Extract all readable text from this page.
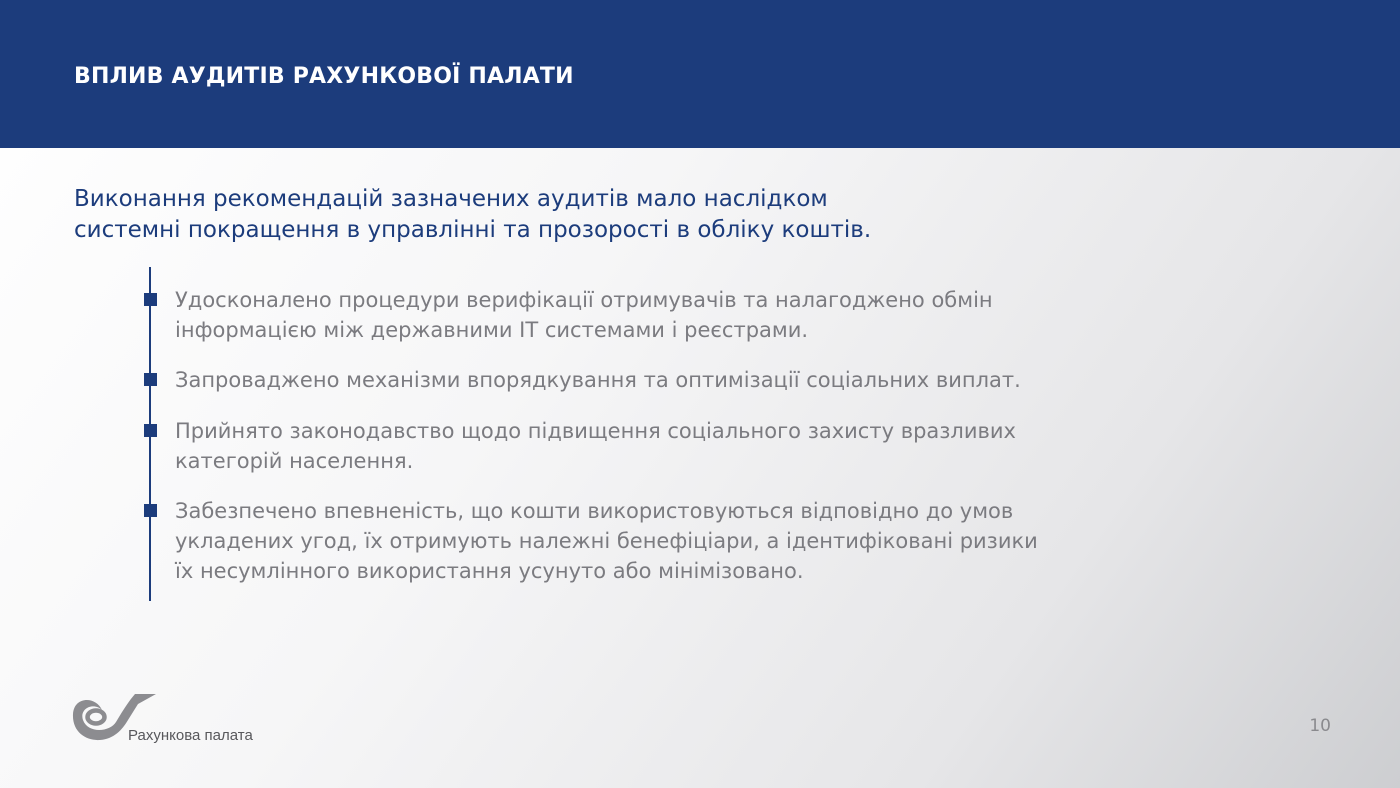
ВПЛИВ АУДИТІВ РАХУНКОВОЇ ПАЛАТИ

Виконання рекомендацій зазначених аудитів мало наслідком
системні покращення в управлінні та прозорості в обліку коштів.

Удосконалено процедури верифікації отримувачів та налагоджено обмін
інформацією між державними ІТ системами і реєстрами.
Запроваджено механізми впорядкування та оптимізації соціальних виплат.
Прийнято законодавство щодо підвищення соціального захисту вразливих
категорій населення.
Забезпечено впевненість, що кошти використовуються відповідно до умов
укладених угод, їх отримують належні бенефіціари, а ідентифіковані ризики
їх несумлінного використання усунуто або мінімізовано.
Рахункова палата	10
